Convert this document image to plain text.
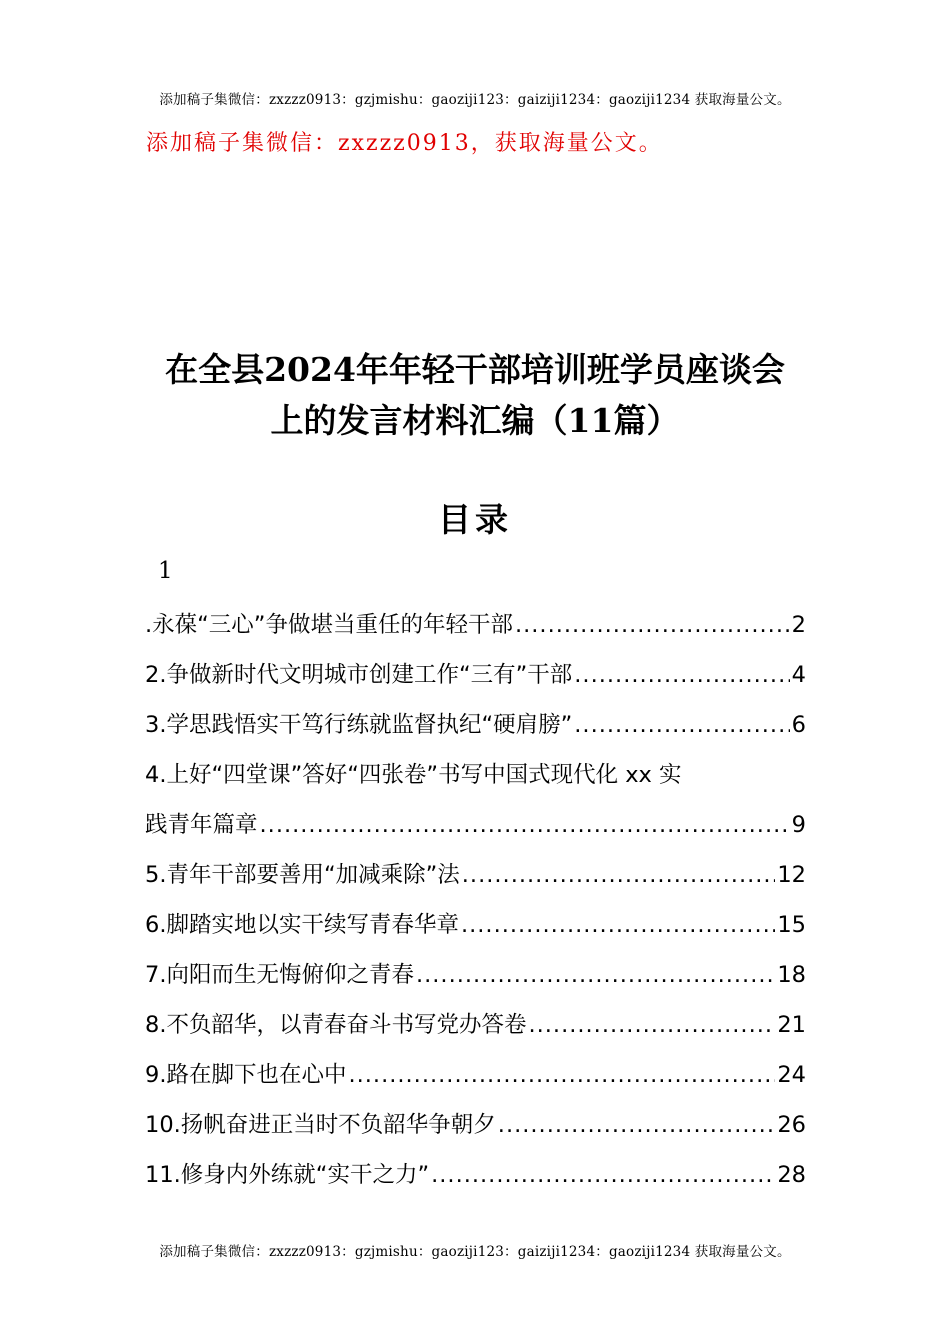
添加稿子集微信：zxzzz0913：gzjmishu：gaoziji123：gaiziji1234：gaoziji1234 获取海量公文。
添加稿子集微信：zxzzz0913，获取海量公文。
在全县2024年年轻干部培训班学员座谈会
上的发言材料汇编（11篇）
目录
1
.永葆“三心”争做堪当重任的年轻干部 .....	2
2.争做新时代文明城市创建工作“三有”干部 .....	4
3.学思践悟实干笃行练就监督执纪“硬肩膀” .....	6
4.上好“四堂课”答好“四张卷”书写中国式现代化 xx 实
践青年篇章 .....	9
5.青年干部要善用“加减乘除”法 .....	12
6.脚踏实地以实干续写青春华章 .....	15
7.向阳而生无悔俯仰之青春 .....	18
8.不负韶华，以青春奋斗书写党办答卷 .....	21
9.路在脚下也在心中 .....	24
10.扬帆奋进正当时不负韶华争朝夕 .....	26
11.修身内外练就“实干之力” .....	28
添加稿子集微信：zxzzz0913：gzjmishu：gaoziji123：gaiziji1234：gaoziji1234 获取海量公文。
